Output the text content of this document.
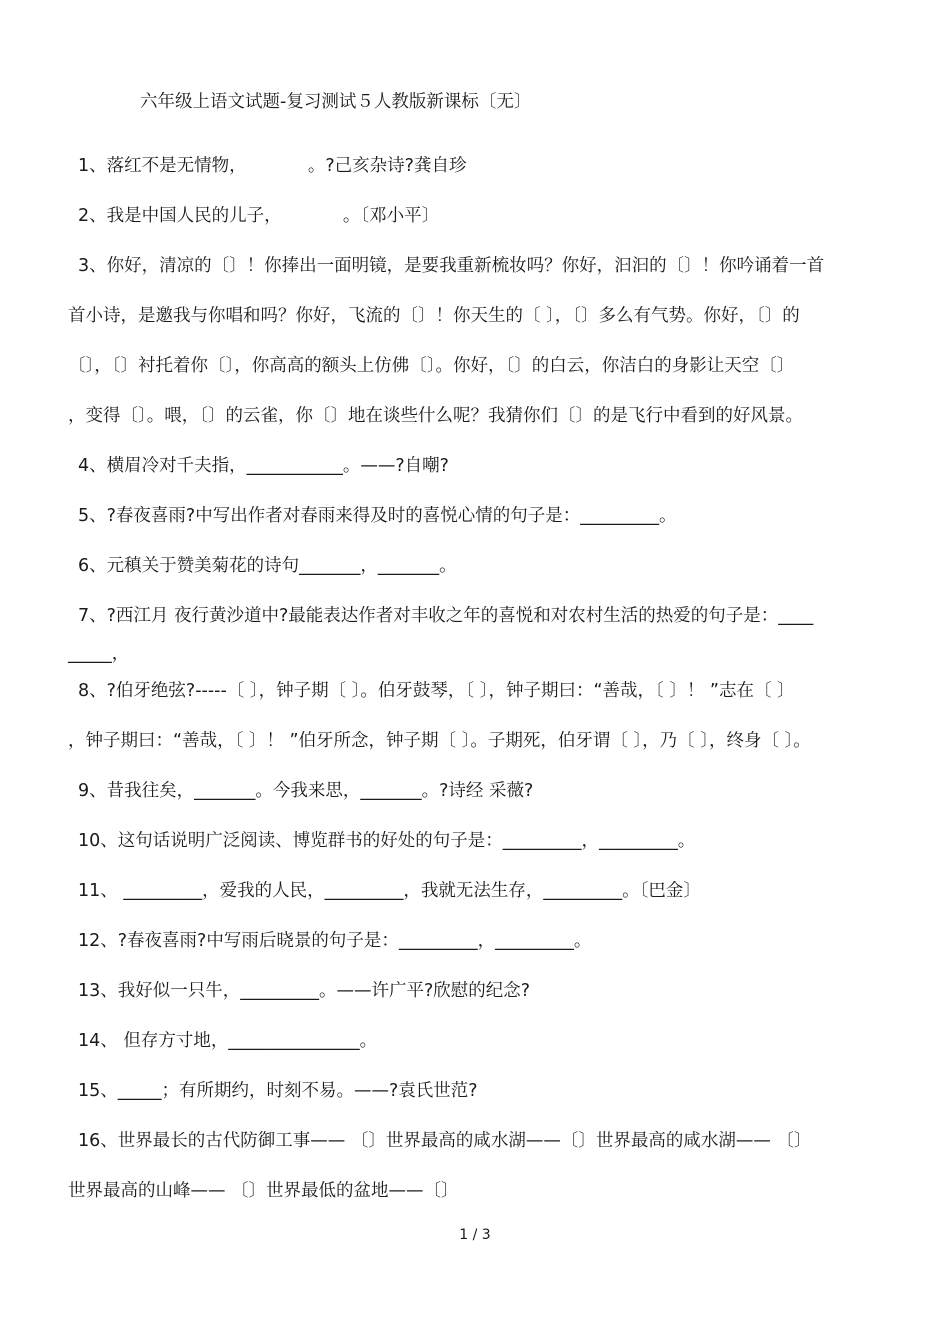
六年级上语文试题-复习测试５人教版新课标〔无〕
1、落红不是无情物，　　　　。?己亥杂诗?龚自珍
2、我是中国人民的儿子，　　　　。〔邓小平〕
3、你好，清凉的〔〕！你捧出一面明镜，是要我重新梳妆吗？你好，汩汩的〔〕！你吟诵着一首
首小诗，是邀我与你唱和吗？你好，飞流的〔〕！你天生的〔 〕，〔〕多么有气势。你好，〔〕的
〔〕，〔〕衬托着你〔〕，你高高的额头上仿佛〔〕。你好，〔〕的白云，你洁白的身影让天空〔〕
，变得〔〕。喂，〔〕的云雀，你〔〕地在谈些什么呢？我猜你们〔〕的是飞行中看到的好风景。
4、横眉冷对千夫指，___________。——?自嘲?
5、?春夜喜雨?中写出作者对春雨来得及时的喜悦心情的句子是：_________。
6、元稹关于赞美菊花的诗句_______，_______。
7、?西江月 夜行黄沙道中?最能表达作者对丰收之年的喜悦和对农村生活的热爱的句子是：____
_____，
8、?伯牙绝弦?-----〔 〕，钟子期〔 〕。伯牙鼓琴，〔 〕，钟子期曰：“善哉，〔 〕！ ”志在〔 〕
，钟子期曰：“善哉，〔 〕！ ”伯牙所念，钟子期〔 〕。子期死，伯牙谓〔 〕，乃〔 〕，终身〔 〕。
9、昔我往矣，_______。今我来思，_______。?诗经 采薇?
10、这句话说明广泛阅读、博览群书的好处的句子是：_________，_________。
11、 _________，爱我的人民，_________，我就无法生存，_________。〔巴金〕
12、?春夜喜雨?中写雨后晓景的句子是：_________，_________。
13、我好似一只牛，_________。——许广平?欣慰的纪念?
14、 但存方寸地，_______________。
15、_____；有所期约，时刻不易。——?袁氏世范?
16、世界最长的古代防御工事—— 〔〕世界最高的咸水湖——〔〕世界最高的咸水湖—— 〔〕
世界最高的山峰—— 〔〕世界最低的盆地——〔〕
1 / 3
